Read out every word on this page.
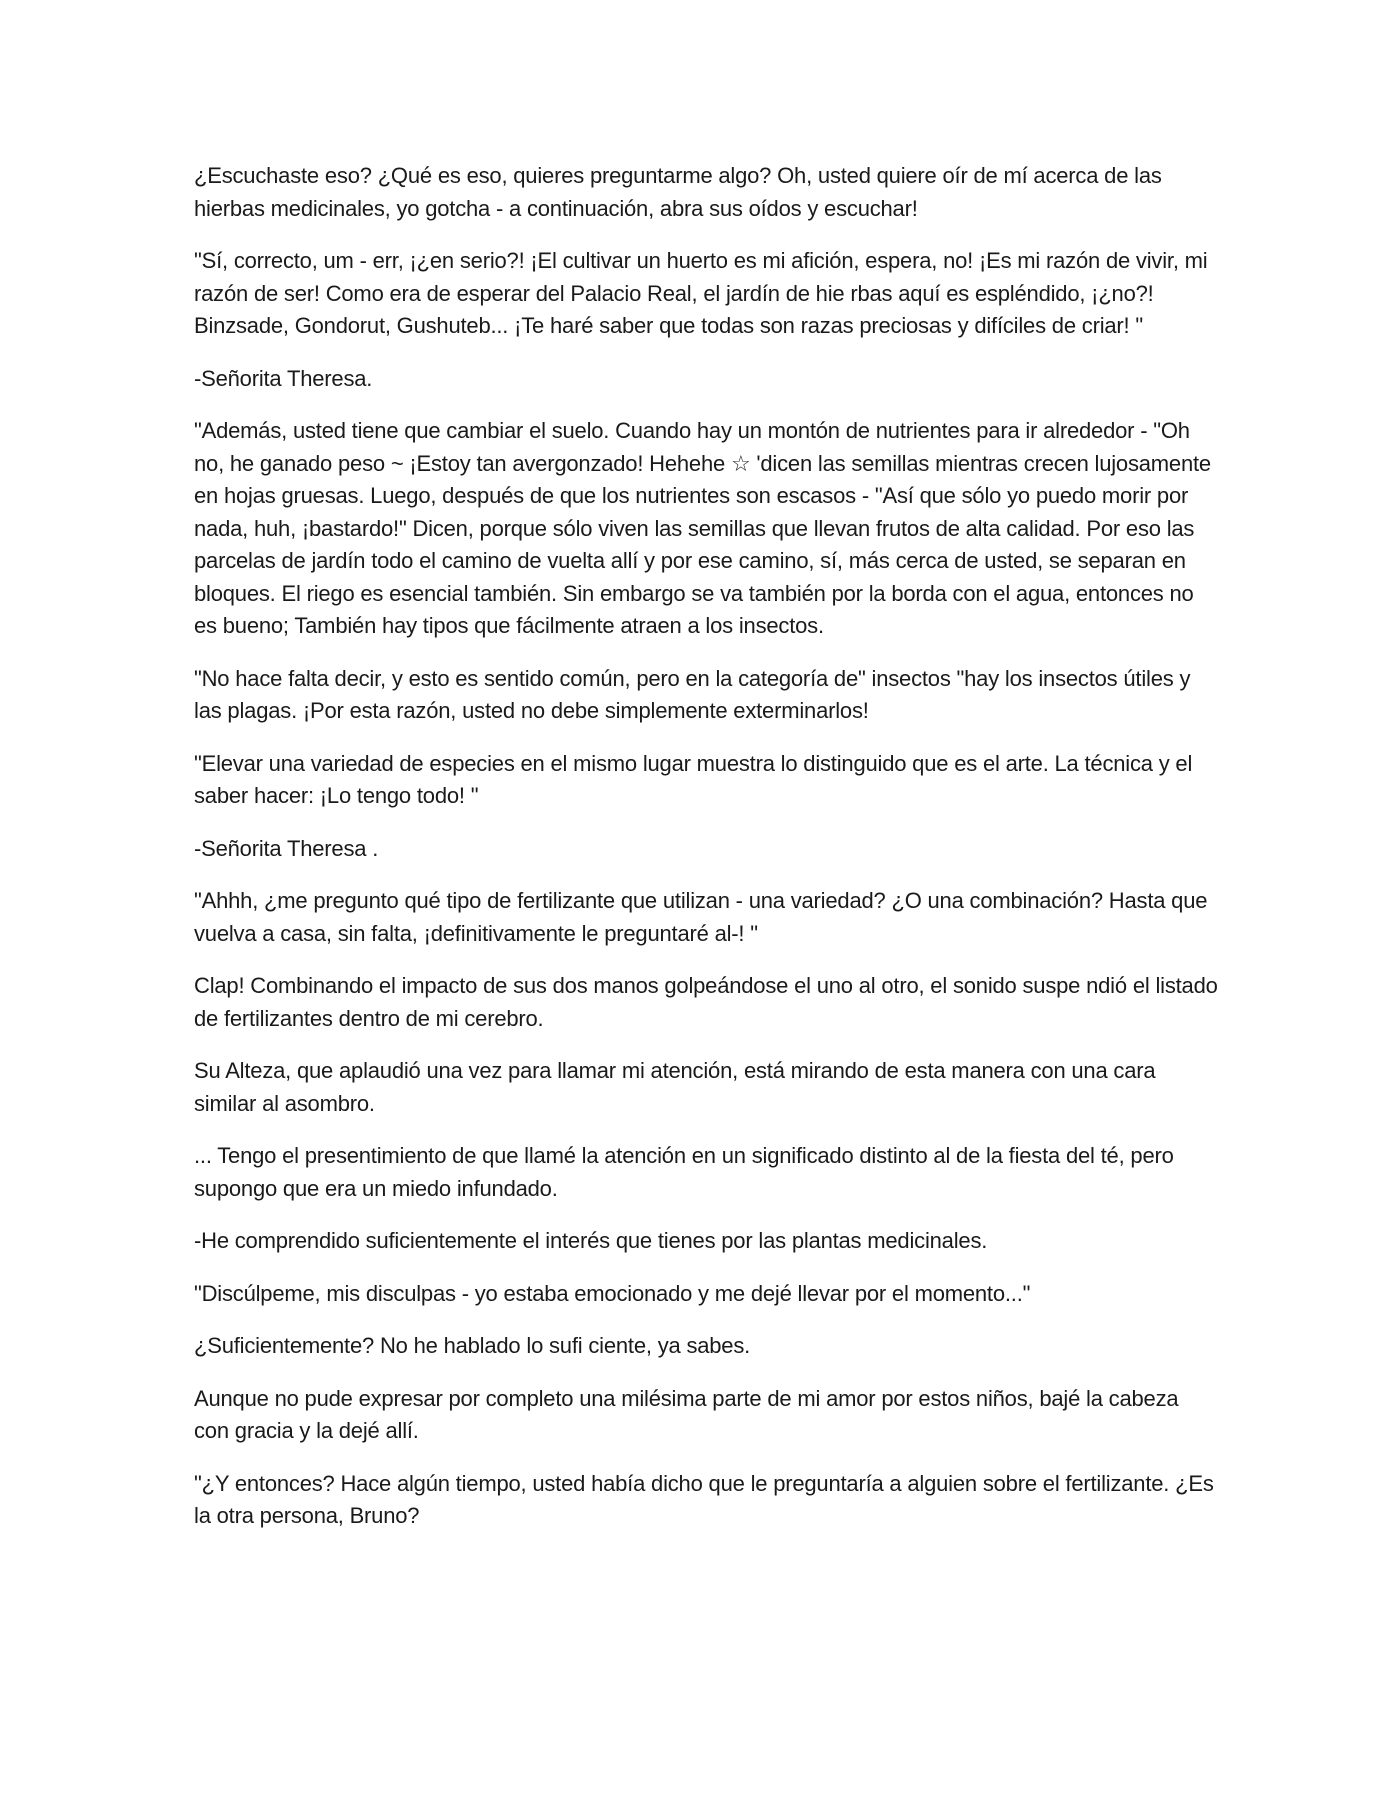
¿Escuchaste eso? ¿Qué es eso, quieres preguntarme algo? Oh, usted quiere oír de mí acerca de las hierbas medicinales, yo gotcha - a continuación, abra sus oídos y escuchar!

"Sí, correcto, um - err, ¡¿en serio?! ¡El cultivar un huerto es mi afición, espera, no! ¡Es mi razón de vivir, mi razón de ser! Como era de esperar del Palacio Real, el jardín de hie rbas aquí es espléndido, ¡¿no?! Binzsade, Gondorut, Gushuteb... ¡Te haré saber que todas son razas preciosas y difíciles de criar! "

-Señorita Theresa.

"Además, usted tiene que cambiar el suelo. Cuando hay un montón de nutrientes para ir alrededor - "Oh no, he ganado peso ~ ¡Estoy tan avergonzado! Hehehe ☆ 'dicen las semillas mientras crecen lujosamente en hojas gruesas. Luego, después de que los nutrientes son escasos - "Así que sólo yo puedo morir por nada, huh, ¡bastardo!" Dicen, porque sólo viven las semillas que llevan frutos de alta calidad. Por eso las parcelas de jardín todo el camino de vuelta allí y por ese camino, sí, más cerca de usted, se separan en bloques. El riego es esencial también. Sin embargo se va también por la borda con el agua, entonces no es bueno; También hay tipos que fácilmente atraen a los insectos.

"No hace falta decir, y esto es sentido común, pero en la categoría de" insectos "hay los insectos útiles y las plagas. ¡Por esta razón, usted no debe simplemente exterminarlos!

"Elevar una variedad de especies en el mismo lugar muestra lo distinguido que es el arte. La técnica y el saber hacer: ¡Lo tengo todo! "

-Señorita Theresa .

"Ahhh, ¿me pregunto qué tipo de fertilizante que utilizan - una variedad? ¿O una combinación? Hasta que vuelva a casa, sin falta, ¡definitivamente le preguntaré al-! "

Clap! Combinando el impacto de sus dos manos golpeándose el uno al otro, el sonido suspe ndió el listado de fertilizantes dentro de mi cerebro.

Su Alteza, que aplaudió una vez para llamar mi atención, está mirando de esta manera con una cara similar al asombro.

... Tengo el presentimiento de que llamé la atención en un significado distinto al de la fiesta del té, pero supongo que era un miedo infundado.

-He comprendido suficientemente el interés que tienes por las plantas medicinales.

"Discúlpeme, mis disculpas - yo estaba emocionado y me dejé llevar por el momento..."

¿Suficientemente? No he hablado lo sufi ciente, ya sabes.

Aunque no pude expresar por completo una milésima parte de mi amor por estos niños, bajé la cabeza con gracia y la dejé allí.

"¿Y entonces? Hace algún tiempo, usted había dicho que le preguntaría a alguien sobre el fertilizante. ¿Es la otra persona, Bruno?
